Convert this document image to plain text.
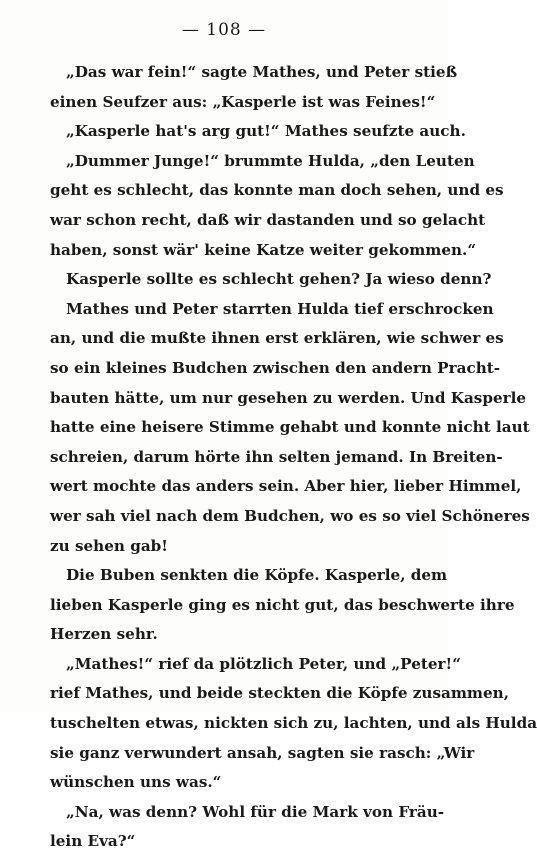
— 108 —
„Das war fein!“ sagte Mathes, und Peter stieß
einen Seufzer aus: „Kasperle ist was Feines!“
„Kasperle hat's arg gut!“ Mathes seufzte auch.
„Dummer Junge!“ brummte Hulda, „den Leuten
geht es schlecht, das konnte man doch sehen, und es
war schon recht, daß wir dastanden und so gelacht
haben, sonst wär' keine Katze weiter gekommen.“
Kasperle sollte es schlecht gehen? Ja wieso denn?
Mathes und Peter starrten Hulda tief erschrocken
an, und die mußte ihnen erst erklären, wie schwer es
so ein kleines Budchen zwischen den andern Pracht-
bauten hätte, um nur gesehen zu werden. Und Kasperle
hatte eine heisere Stimme gehabt und konnte nicht laut
schreien, darum hörte ihn selten jemand. In Breiten-
wert mochte das anders sein. Aber hier, lieber Himmel,
wer sah viel nach dem Budchen, wo es so viel Schöneres
zu sehen gab!
Die Buben senkten die Köpfe. Kasperle, dem
lieben Kasperle ging es nicht gut, das beschwerte ihre
Herzen sehr.
„Mathes!“ rief da plötzlich Peter, und „Peter!“
rief Mathes, und beide steckten die Köpfe zusammen,
tuschelten etwas, nickten sich zu, lachten, und als Hulda
sie ganz verwundert ansah, sagten sie rasch: „Wir
wünschen uns was.“
„Na, was denn? Wohl für die Mark von Fräu-
lein Eva?“
